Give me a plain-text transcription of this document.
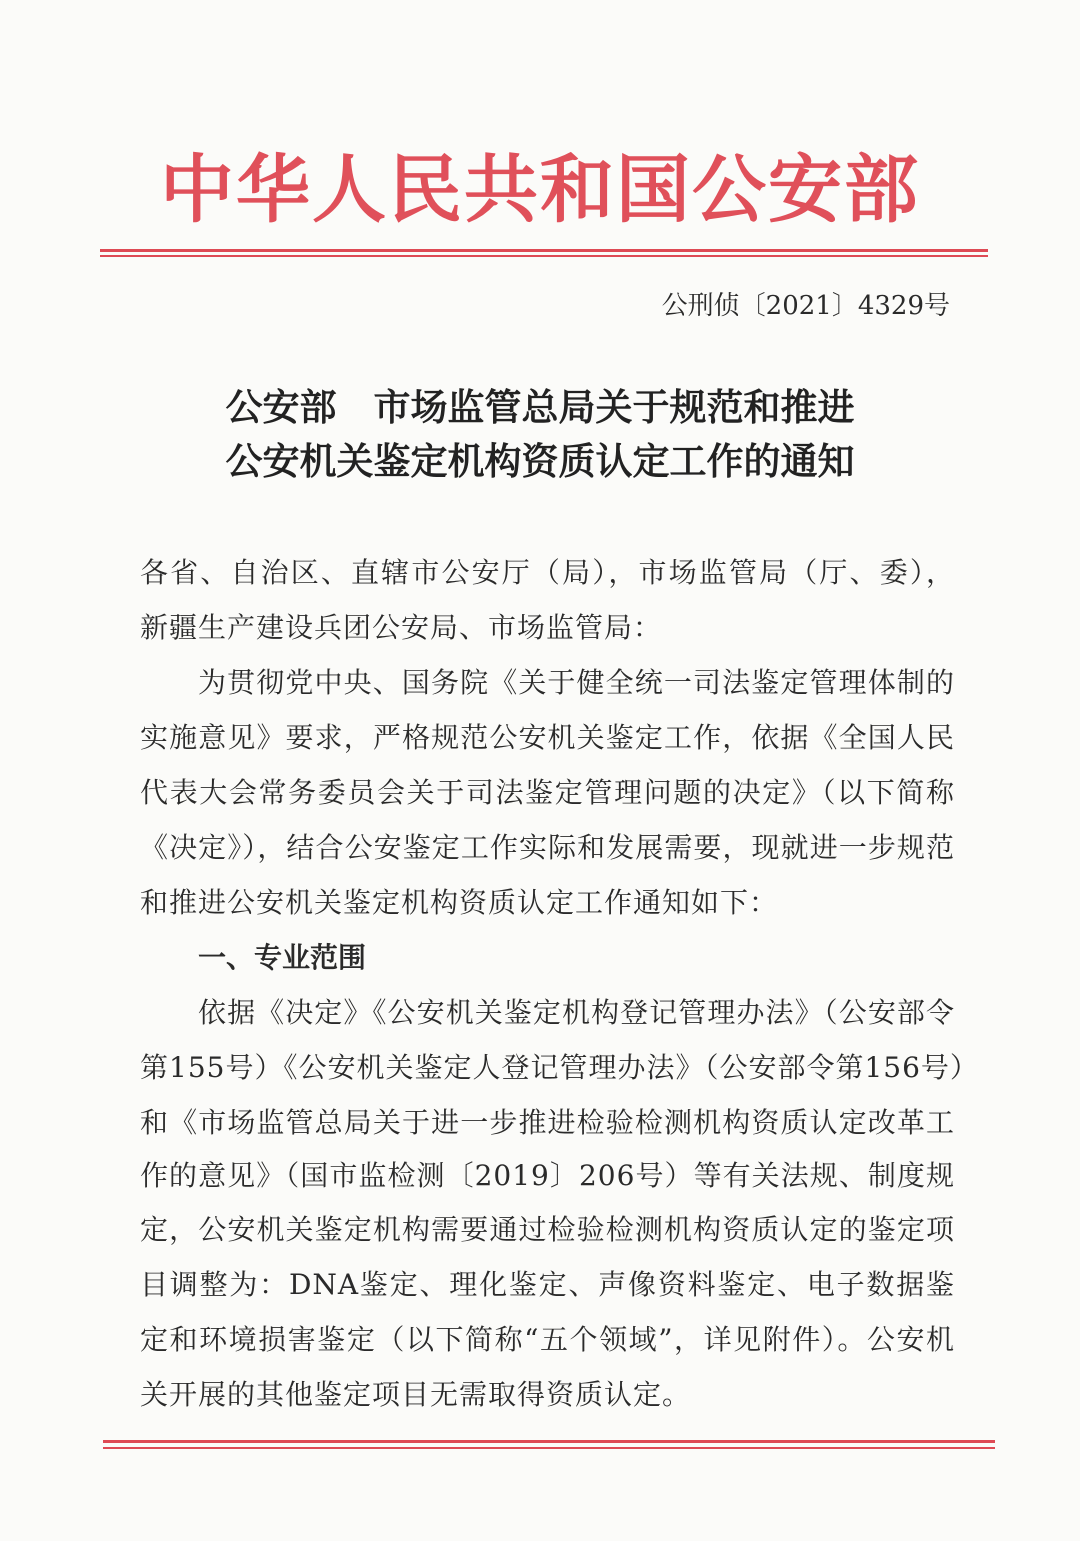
中华人民共和国公安部
公刑侦〔2021〕4329号
公安部　市场监管总局关于规范和推进
公安机关鉴定机构资质认定工作的通知
各省、自治区、直辖市公安厅（局），市场监管局（厅、委），
新疆生产建设兵团公安局、市场监管局：
为贯彻党中央、国务院《关于健全统一司法鉴定管理体制的
实施意见》要求，严格规范公安机关鉴定工作，依据《全国人民
代表大会常务委员会关于司法鉴定管理问题的决定》（以下简称
《决定》），结合公安鉴定工作实际和发展需要，现就进一步规范
和推进公安机关鉴定机构资质认定工作通知如下：
一、专业范围
依据《决定》《公安机关鉴定机构登记管理办法》（公安部令
第155号）《公安机关鉴定人登记管理办法》（公安部令第156号）
和《市场监管总局关于进一步推进检验检测机构资质认定改革工
作的意见》（国市监检测〔2019〕206号）等有关法规、制度规
定，公安机关鉴定机构需要通过检验检测机构资质认定的鉴定项
目调整为：DNA鉴定、理化鉴定、声像资料鉴定、电子数据鉴
定和环境损害鉴定（以下简称“五个领域”，详见附件）。公安机
关开展的其他鉴定项目无需取得资质认定。
